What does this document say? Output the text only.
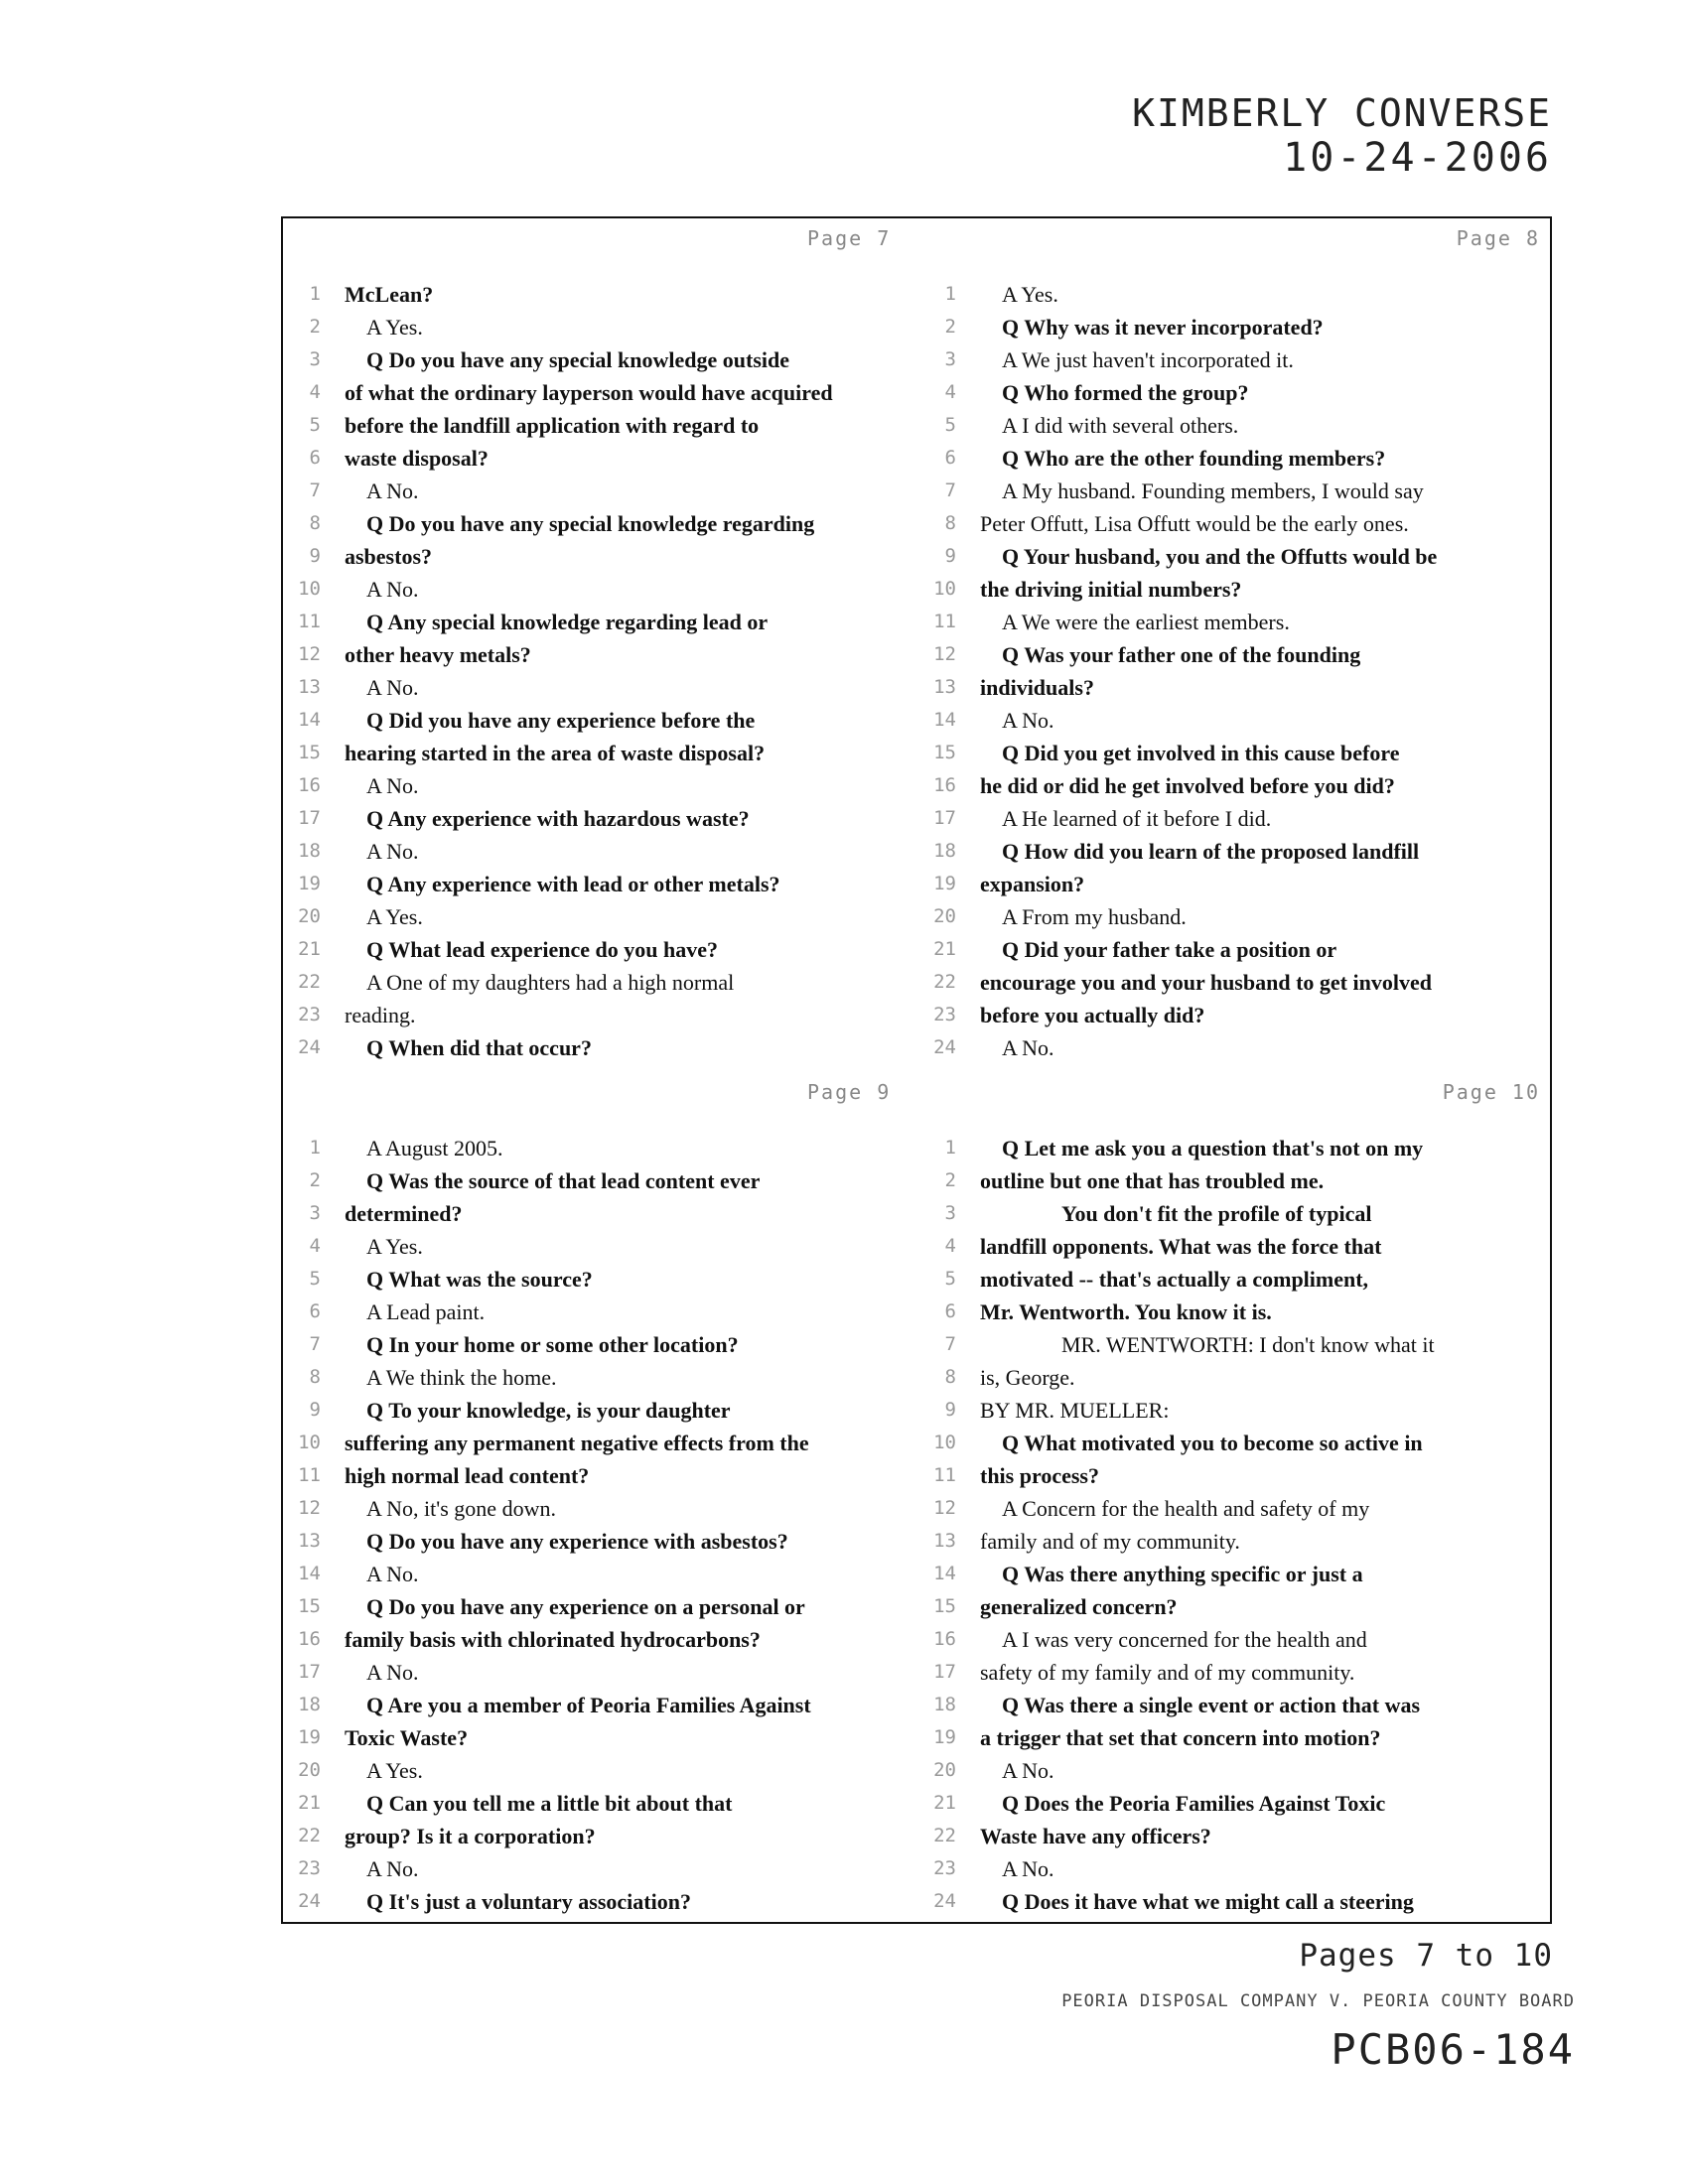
KIMBERLY CONVERSE
10-24-2006
Page 7
1 McLean?
2	A Yes.
3	Q Do you have any special knowledge outside
4 of what the ordinary layperson would have acquired
5 before the landfill application with regard to
6 waste disposal?
7	A No.
8	Q Do you have any special knowledge regarding
9 asbestos?
10	A No.
11	Q Any special knowledge regarding lead or
12 other heavy metals?
13	A No.
14	Q Did you have any experience before the
15 hearing started in the area of waste disposal?
16	A No.
17	Q Any experience with hazardous waste?
18	A No.
19	Q Any experience with lead or other metals?
20	A Yes.
21	Q What lead experience do you have?
22	A One of my daughters had a high normal
23 reading.
24	Q When did that occur?
Page 8
1	A Yes.
2	Q Why was it never incorporated?
3	A We just haven't incorporated it.
4	Q Who formed the group?
5	A I did with several others.
6	Q Who are the other founding members?
7	A My husband. Founding members, I would say
8 Peter Offutt, Lisa Offutt would be the early ones.
9	Q Your husband, you and the Offutts would be
10 the driving initial numbers?
11	A We were the earliest members.
12	Q Was your father one of the founding
13 individuals?
14	A No.
15	Q Did you get involved in this cause before
16 he did or did he get involved before you did?
17	A He learned of it before I did.
18	Q How did you learn of the proposed landfill
19 expansion?
20	A From my husband.
21	Q Did your father take a position or
22 encourage you and your husband to get involved
23 before you actually did?
24	A No.
Page 9
1	A August 2005.
2	Q Was the source of that lead content ever
3 determined?
4	A Yes.
5	Q What was the source?
6	A Lead paint.
7	Q In your home or some other location?
8	A We think the home.
9	Q To your knowledge, is your daughter
10 suffering any permanent negative effects from the
11 high normal lead content?
12	A No, it's gone down.
13	Q Do you have any experience with asbestos?
14	A No.
15	Q Do you have any experience on a personal or
16 family basis with chlorinated hydrocarbons?
17	A No.
18	Q Are you a member of Peoria Families Against
19 Toxic Waste?
20	A Yes.
21	Q Can you tell me a little bit about that
22 group? Is it a corporation?
23	A No.
24	Q It's just a voluntary association?
Page 10
1	Q Let me ask you a question that's not on my
2 outline but one that has troubled me.
3	You don't fit the profile of typical
4 landfill opponents. What was the force that
5 motivated -- that's actually a compliment,
6 Mr. Wentworth. You know it is.
7	MR. WENTWORTH: I don't know what it
8 is, George.
9 BY MR. MUELLER:
10	Q What motivated you to become so active in
11 this process?
12	A Concern for the health and safety of my
13 family and of my community.
14	Q Was there anything specific or just a
15 generalized concern?
16	A I was very concerned for the health and
17 safety of my family and of my community.
18	Q Was there a single event or action that was
19 a trigger that set that concern into motion?
20	A No.
21	Q Does the Peoria Families Against Toxic
22 Waste have any officers?
23	A No.
24	Q Does it have what we might call a steering
Pages 7 to 10
PEORIA DISPOSAL COMPANY V. PEORIA COUNTY BOARD
PCB06-184
